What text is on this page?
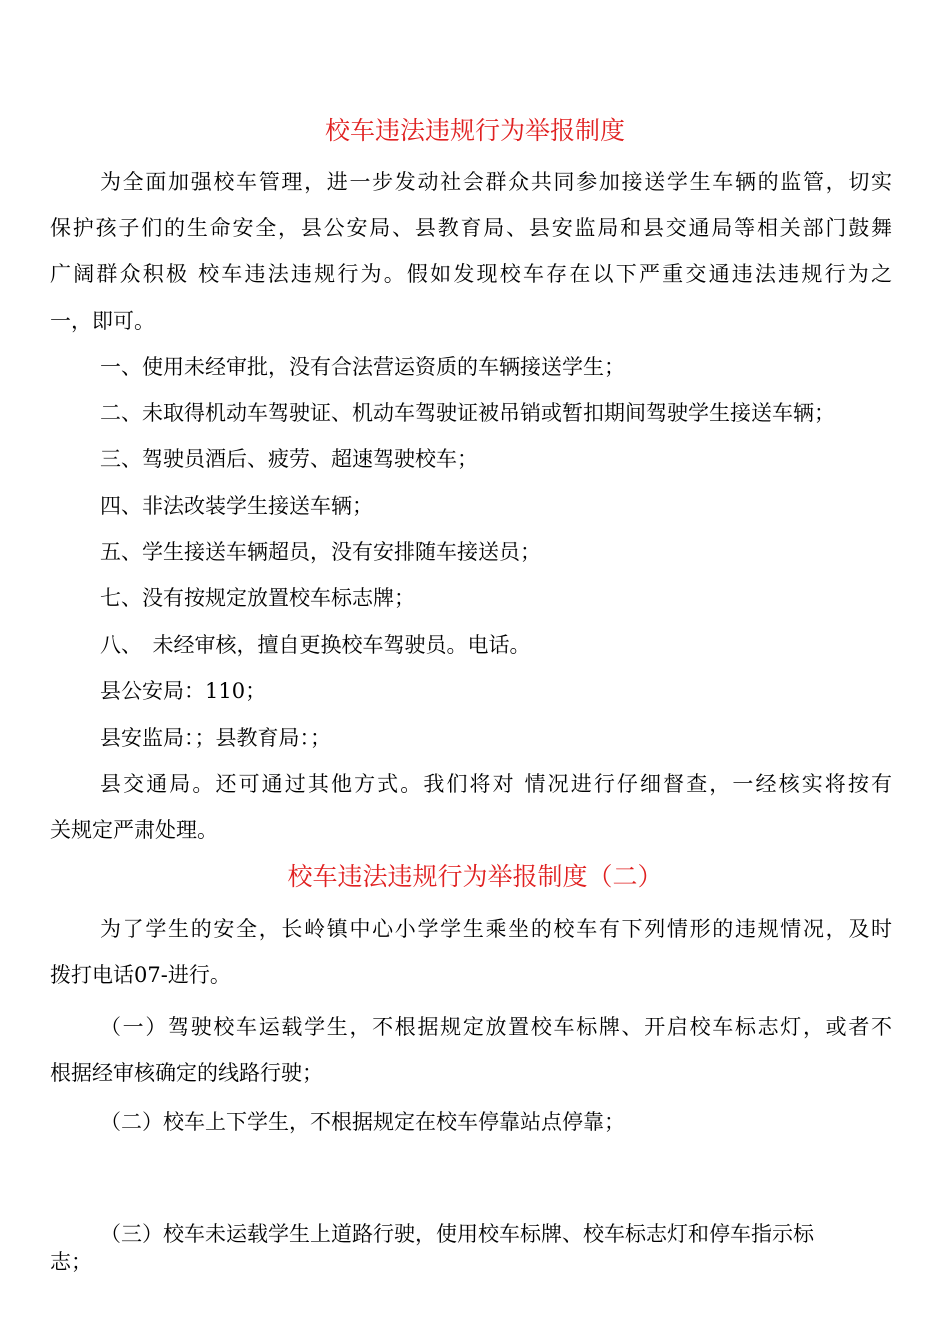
校车违法违规行为举报制度

为全面加强校车管理，进一步发动社会群众共同参加接送学生车辆的监管，切实

保护孩子们的生命安全，县公安局、县教育局、县安监局和县交通局等相关部门鼓舞

广阔群众积极 校车违法违规行为。假如发现校车存在以下严重交通违法违规行为之

一，即可。

一、使用未经审批，没有合法营运资质的车辆接送学生；

二、未取得机动车驾驶证、机动车驾驶证被吊销或暂扣期间驾驶学生接送车辆；

三、驾驶员酒后、疲劳、超速驾驶校车；

四、非法改装学生接送车辆；

五、学生接送车辆超员，没有安排随车接送员；

七、没有按规定放置校车标志牌；

八、　未经审核，擅自更换校车驾驶员。电话。

县公安局：110；

县安监局：；县教育局：；

县交通局。还可通过其他方式。我们将对 情况进行仔细督查，一经核实将按有

关规定严肃处理。

校车违法违规行为举报制度（二）

为了学生的安全，长岭镇中心小学学生乘坐的校车有下列情形的违规情况，及时

拨打电话07-进行。

（一）驾驶校车运载学生，不根据规定放置校车标牌、开启校车标志灯，或者不

根据经审核确定的线路行驶；

（二）校车上下学生，不根据规定在校车停靠站点停靠；

（三）校车未运载学生上道路行驶，使用校车标牌、校车标志灯和停车指示标

志；
